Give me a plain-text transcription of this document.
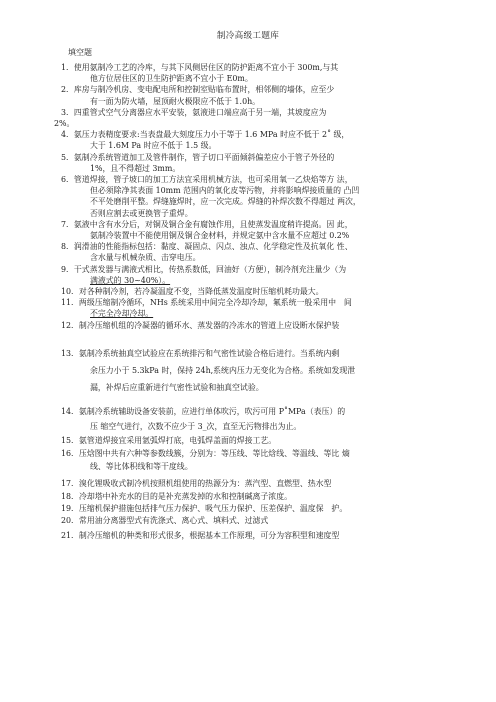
制冷高级工题库
填空题
1．使用氨制冷工艺的冷库，与其下风侧居住区的防护距离不宜小于 300m,与其
他方位居住区的卫生防护距离不宜小于 E0m。
2．库房与制冷机房、变电配电所和控制室贴临布置时，相邻侧的墙体，应至少
有一面为防火墙，屋顶耐火极限应不低于 1.0h。
3．四重管式空气分离器应水平安装，氨液进口端应高于另一端，其坡度应为
2%。
4．氨压力表精度要求:当表盘最大刻度压力小于等于 1.6 MPa 时应不低于 2˚ 级，
大于 1.6M Pa 时应不低于 1.5 级。
5．氨制冷系统管道加工及管件制作，管子切口平面倾斜偏差应小于管子外径的
1%，且不得超过 3mm。
6．管道焊接，管子坡口的加工方法宜采用机械方法，也可采用氧一乙炔焰等方 法，
但必须除净其表面 10mm 范围内的氧化皮等污物，并将影响焊接质量的 凸凹
不平处磨削平整。焊缝施焊时，应一次完成。焊缝的补焊次数不得超过 两次，
否则应割去或更换管子重焊。
7．氨液中含有水分后，对铜及铜合金有腐蚀作用，且使蒸发温度稍许提高。因 此，
氨制冷装置中不能使用铜及铜合金材料，并规定氨中含水量不应超过 0.2%
8．润滑油的性能指标包括：黏度、凝固点、闪点、浊点、化学稳定性及抗氧化 性、
含水量与机械杂质、击穿电压。
9．干式蒸发器与满液式相比，传热系数低，回油好（方便），制冷剂充注量少（为
满液式的 30~40%）。
10．对各种制冷剂，若冷凝温度不变，当降低蒸发温度时压缩机耗功最大。
11．两级压缩制冷循环，NHs 系统采用中间完全冷却冷却，氟系统一般采用中　间
不完全冷却冷却。
12．制冷压缩机组的冷凝器的循环水、蒸发器的冷冻水的管道上应设断水保护装
13．氨制冷系统抽真空试验应在系统排污和气密性试验合格后进行。当系统内剩
余压力小于 5.3kPa 时，保持 24h,系统内压力无变化为合格。系统如发现泄
漏，补焊后应重新进行气密性试验和抽真空试验。
14．氨制冷系统辅助设备安装前，应进行单体吹污，吹污可用 P˚MPa（表压）的
压 缩空气进行，次数不应少于 3_次，直至无污物排出为止。
15．氨管道焊接宜采用氩弧焊打底，电弧焊盖面的焊接工艺。
16．压焓图中共有六种等参数线簇，分别为：等压线、等比焓线、等温线、等比 熵
线、等比体积线和等干度线。
17．溴化锂吸收式制冷机按照机组使用的热源分为：蒸汽型、直燃型、热水型
18．冷却塔中补充水的目的是补充蒸发掉的水和控制碱离子浓度。
19．压缩机保护措施包括排气压力保护、吸气压力保护、压差保护、温度保　护。
20．常用油分离器型式有洗涤式、离心式、填料式、过滤式
21．制冷压缩机的种类和形式很多，根据基本工作原理，可分为容积型和速度型
